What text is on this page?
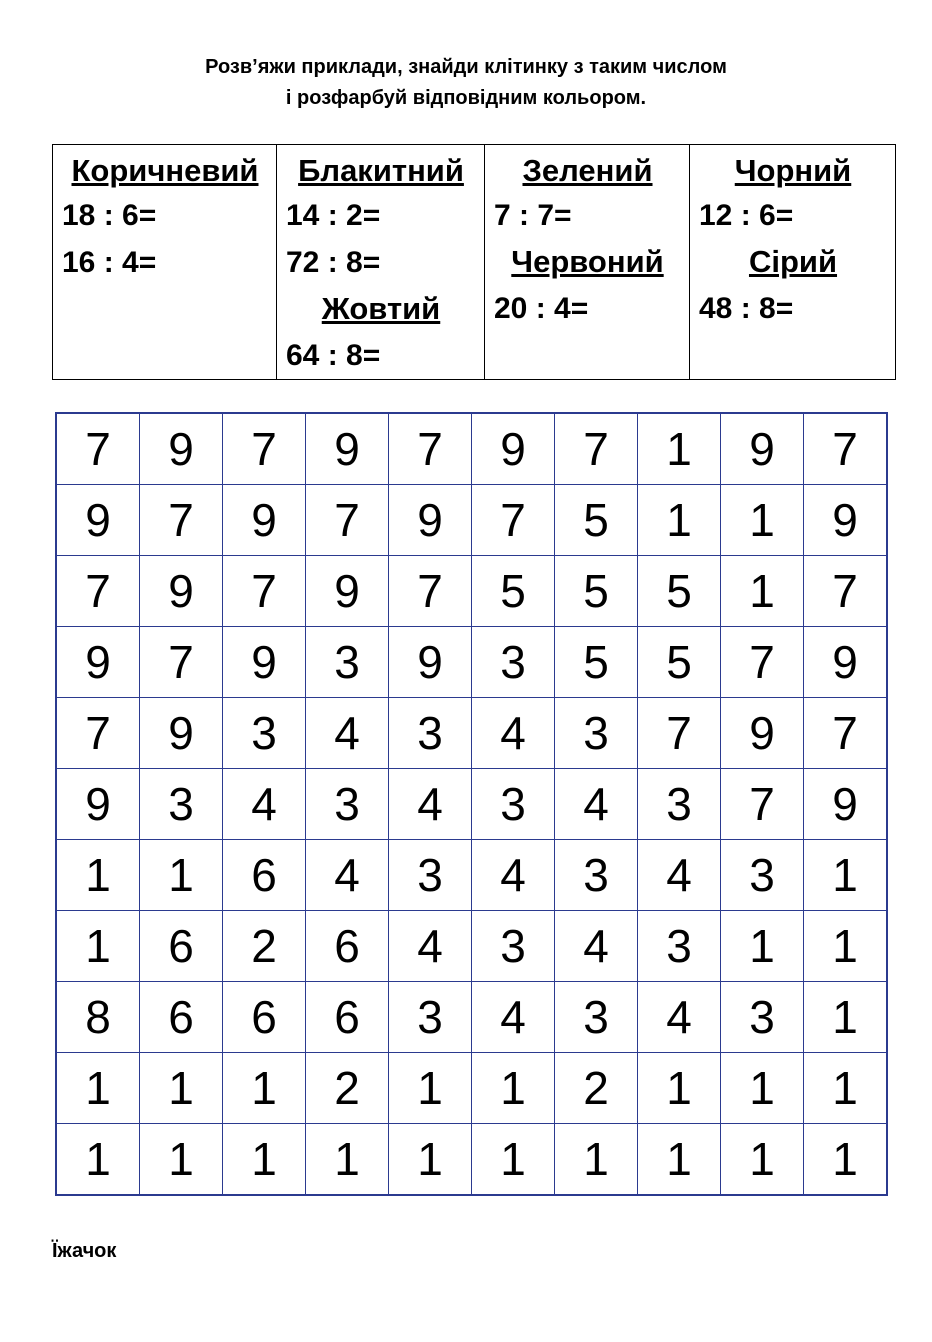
Розв’яжи приклади, знайди клітинку з таким числом
і розфарбуй відповідним кольором.
Коричневий
18 : 6=
16 : 4=

Блакитний
14 : 2=
72 : 8=
Жовтий
64 : 8=

Зелений
7 : 7=
Червоний
20 : 4=

Чорний
12 : 6=
Сірий
48 : 8=
7	9	7	9	7	9	7	1	9	7
9	7	9	7	9	7	5	1	1	9
7	9	7	9	7	5	5	5	1	7
9	7	9	3	9	3	5	5	7	9
7	9	3	4	3	4	3	7	9	7
9	3	4	3	4	3	4	3	7	9
1	1	6	4	3	4	3	4	3	1
1	6	2	6	4	3	4	3	1	1
8	6	6	6	3	4	3	4	3	1
1	1	1	2	1	1	2	1	1	1
1	1	1	1	1	1	1	1	1	1
Їжачок
